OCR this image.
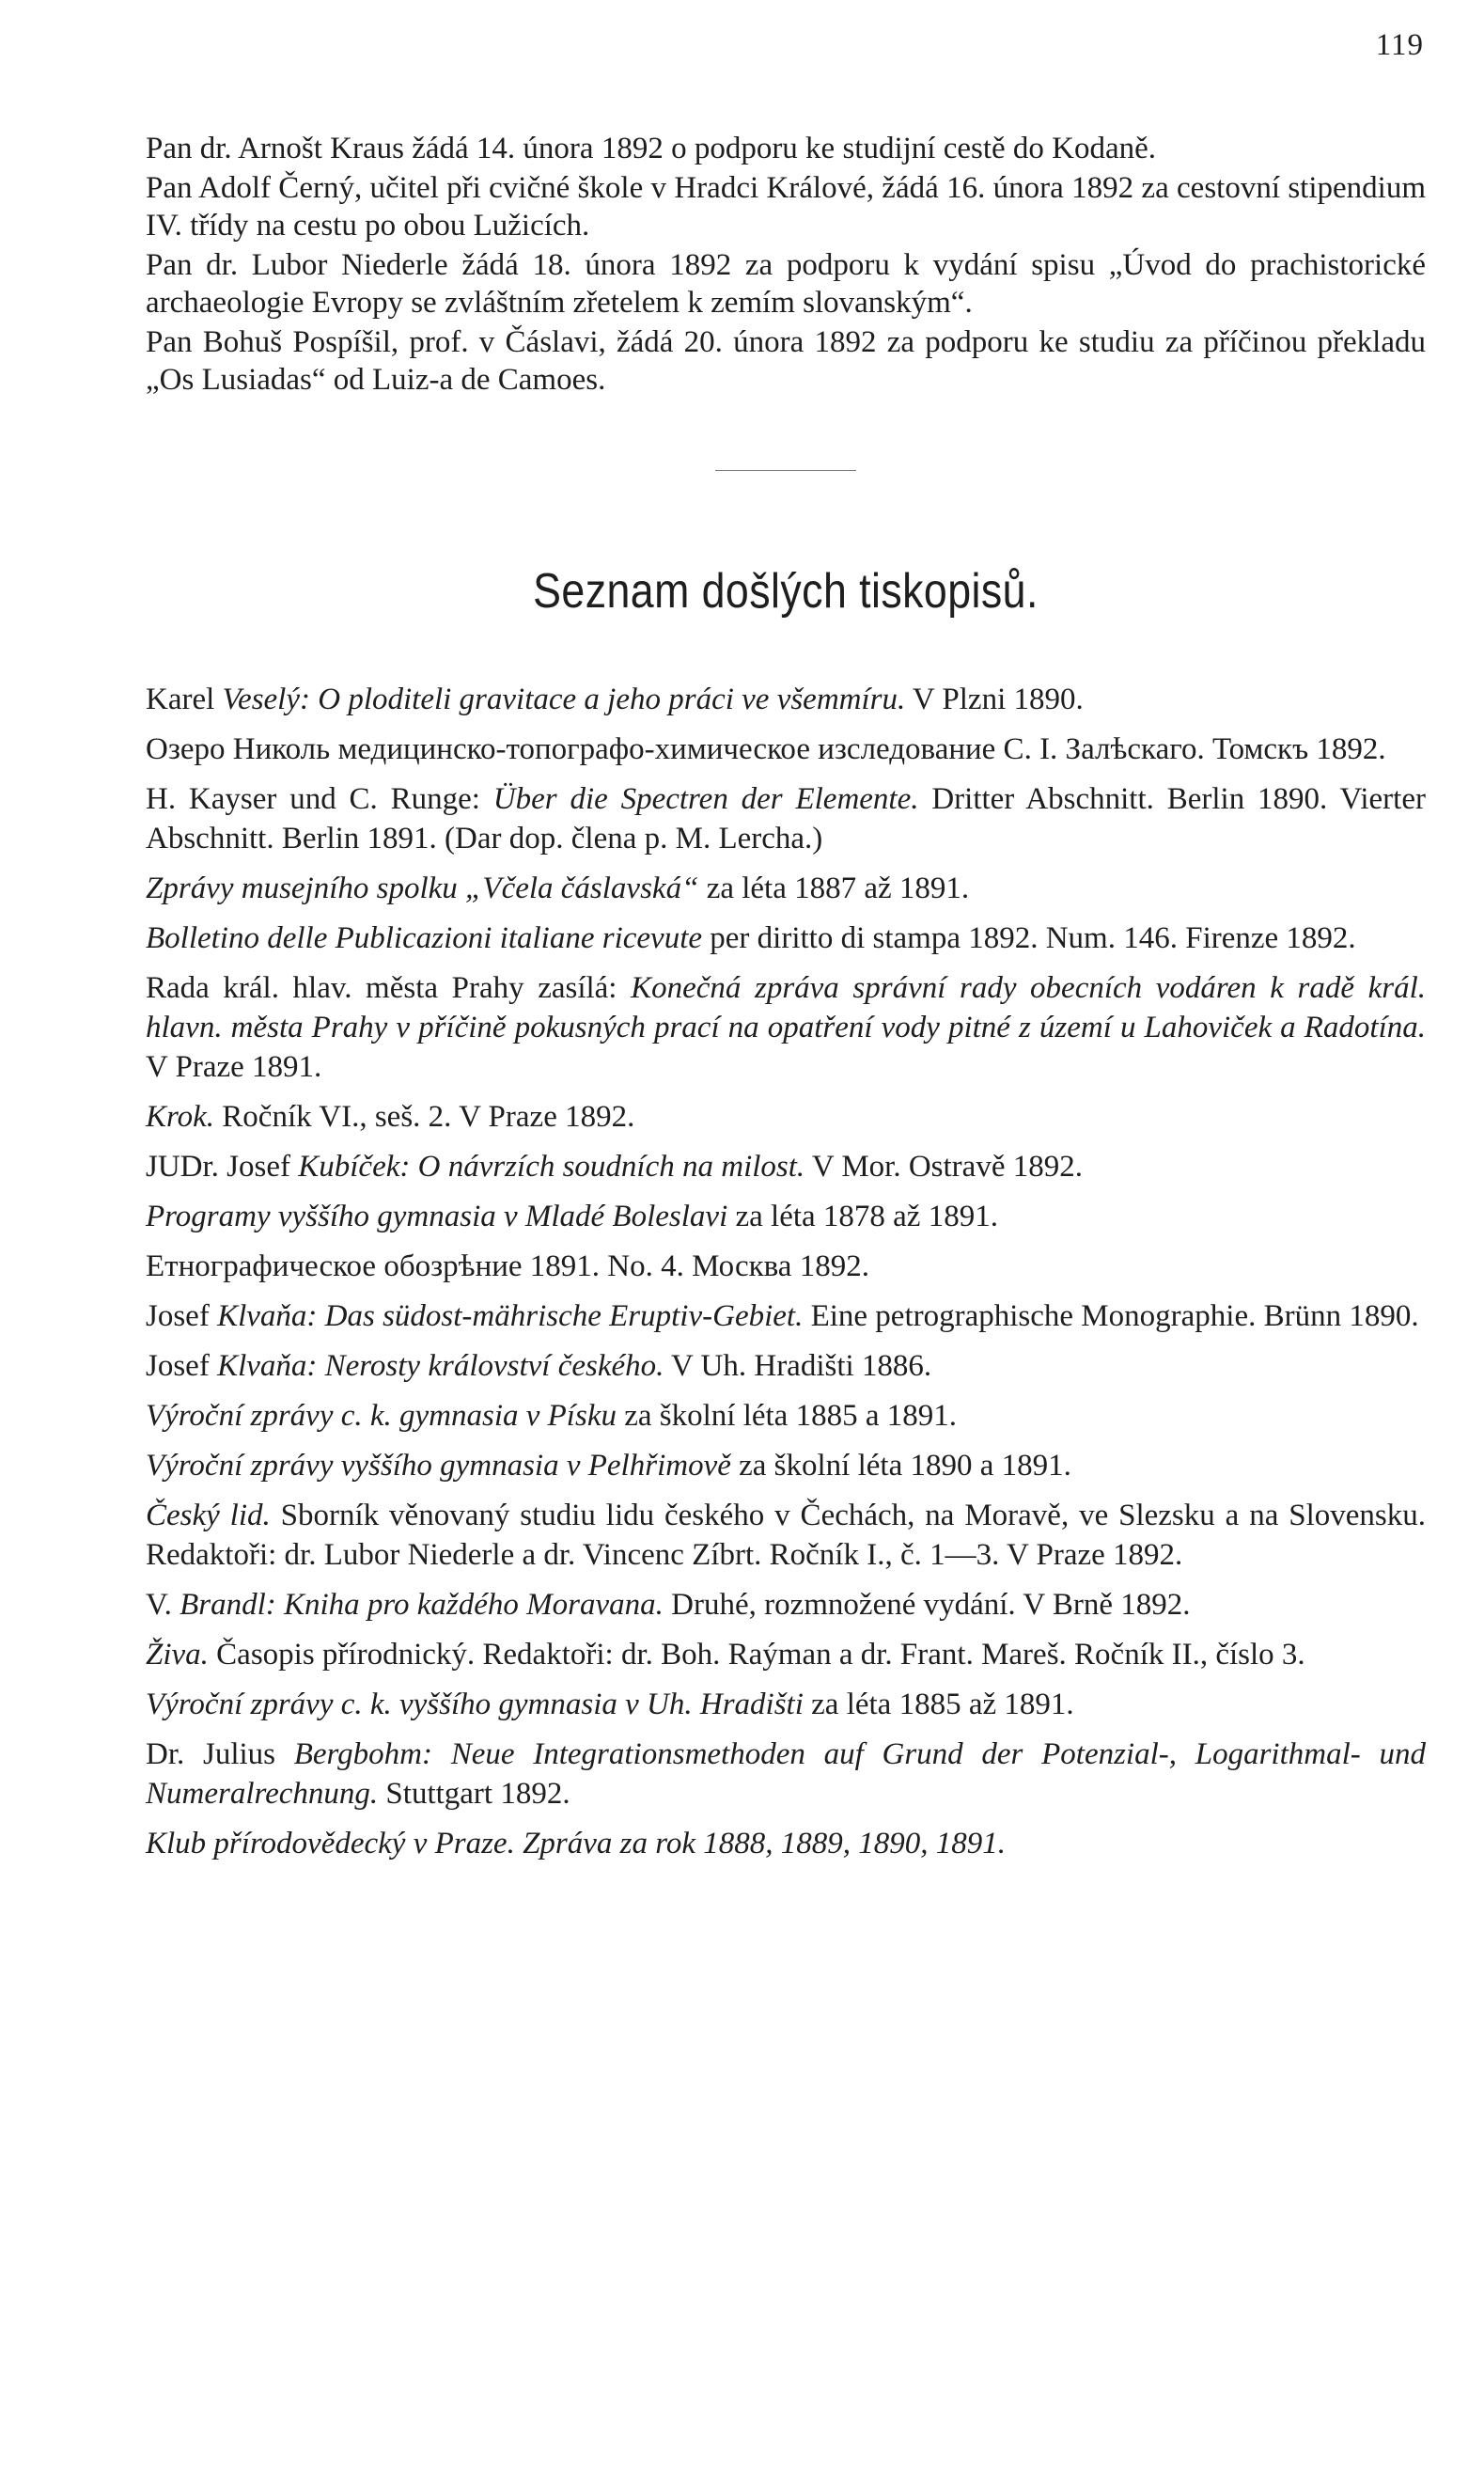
119

Pan dr. Arnošt Kraus žádá 14. února 1892 o podporu ke studijní cestě do Kodaně.

Pan Adolf Černý, učitel při cvičné škole v Hradci Králové, žádá 16. února 1892 za cestovní stipendium IV. třídy na cestu po obou Lužicích.

Pan dr. Lubor Niederle žádá 18. února 1892 za podporu k vydání spisu „Úvod do prachistorické archaeologie Evropy se zvláštním zřetelem k zemím slovanským“.

Pan Bohuš Pospíšil, prof. v Čáslavi, žádá 20. února 1892 za podporu ke studiu za příčinou překladu „Os Lusiadas“ od Luiz-a de Camoes.

Seznam došlých tiskopisů.

Karel Veselý: O ploditeli gravitace a jeho práci ve všemmíru. V Plzni 1890.

Озеро Николь медицинско-топографо-химическое изследование С. I. Залѣскаго. Томскъ 1892.

H. Kayser und C. Runge: Über die Spectren der Elemente. Dritter Abschnitt. Berlin 1890. Vierter Abschnitt. Berlin 1891. (Dar dop. člena p. M. Lercha.)

Zprávy musejního spolku „Včela čáslavská“ za léta 1887 až 1891.

Bolletino delle Publicazioni italiane ricevute per diritto di stampa 1892. Num. 146. Firenze 1892.

Rada král. hlav. města Prahy zasílá: Konečná zpráva správní rady obecních vodáren k radě král. hlavn. města Prahy v příčině pokusných prací na opatření vody pitné z území u Lahoviček a Radotína. V Praze 1891.

Krok. Ročník VI., seš. 2. V Praze 1892.

JUDr. Josef Kubíček: O návrzích soudních na milost. V Mor. Ostravě 1892.

Programy vyššího gymnasia v Mladé Boleslavi za léta 1878 až 1891.

Етнографическое обозрѣние 1891. No. 4. Москва 1892.

Josef Klvaňa: Das südost-mährische Eruptiv-Gebiet. Eine petrographische Monographie. Brünn 1890.

Josef Klvaňa: Nerosty království českého. V Uh. Hradišti 1886.

Výroční zprávy c. k. gymnasia v Písku za školní léta 1885 a 1891.

Výroční zprávy vyššího gymnasia v Pelhřimově za školní léta 1890 a 1891.

Český lid. Sborník věnovaný studiu lidu českého v Čechách, na Moravě, ve Slezsku a na Slovensku. Redaktoři: dr. Lubor Niederle a dr. Vincenc Zíbrt. Ročník I., č. 1—3. V Praze 1892.

V. Brandl: Kniha pro každého Moravana. Druhé, rozmnožené vydání. V Brně 1892.

Živa. Časopis přírodnický. Redaktoři: dr. Boh. Raýman a dr. Frant. Mareš. Ročník II., číslo 3.

Výroční zprávy c. k. vyššího gymnasia v Uh. Hradišti za léta 1885 až 1891.

Dr. Julius Bergbohm: Neue Integrationsmethoden auf Grund der Potenzial-, Logarithmal- und Numeralrechnung. Stuttgart 1892.

Klub přírodovědecký v Praze. Zpráva za rok 1888, 1889, 1890, 1891.
